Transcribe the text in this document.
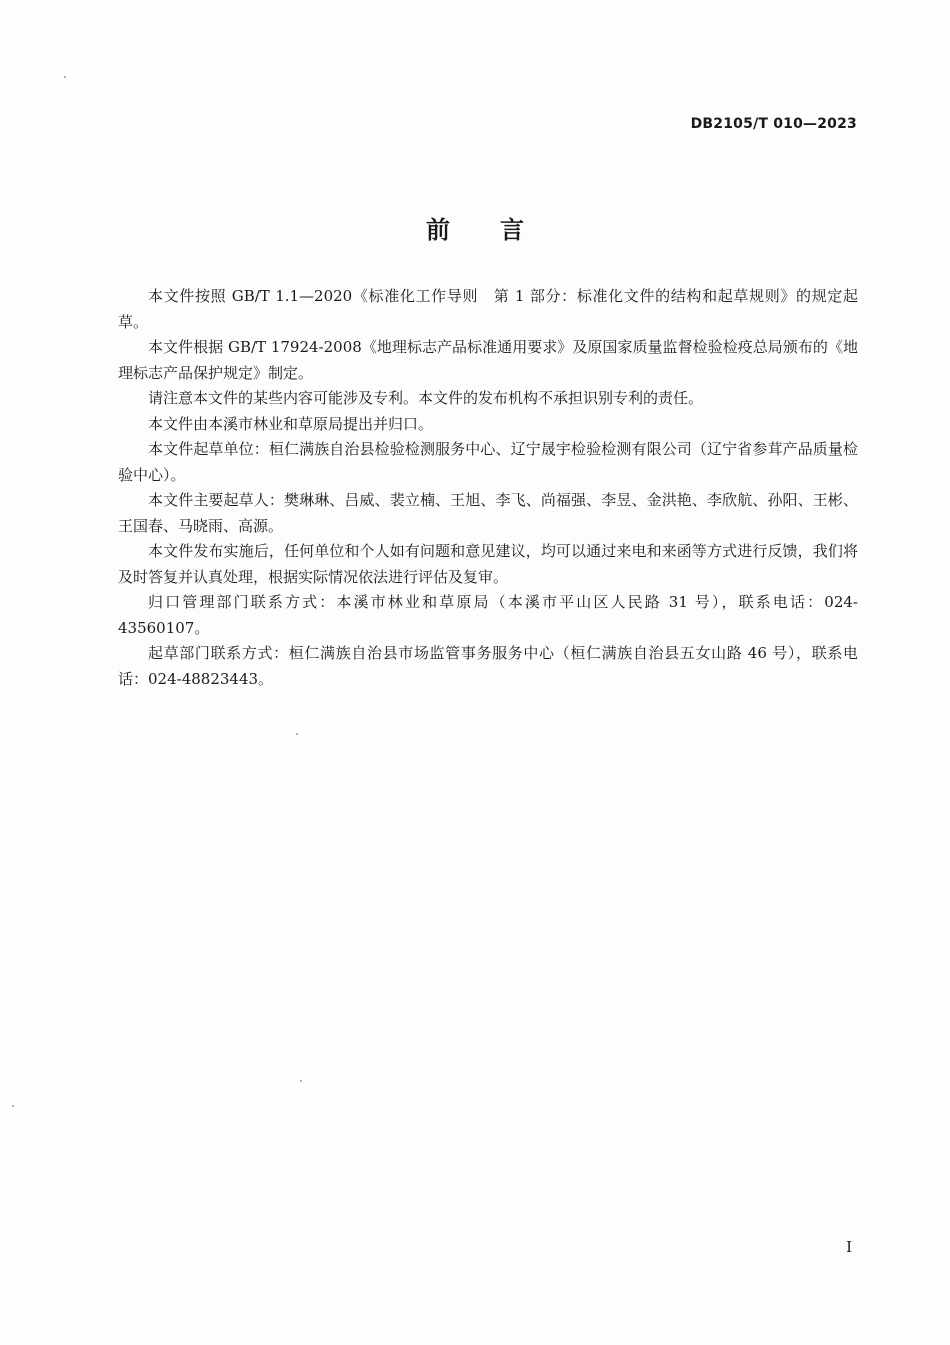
DB2105/T 010—2023
前言

本文件按照 GB/T 1.1—2020《标准化工作导则　第 1 部分：标准化文件的结构和起草规则》的规定起草。

本文件根据 GB/T 17924-2008《地理标志产品标准通用要求》及原国家质量监督检验检疫总局颁布的《地理标志产品保护规定》制定。

请注意本文件的某些内容可能涉及专利。本文件的发布机构不承担识别专利的责任。

本文件由本溪市林业和草原局提出并归口。

本文件起草单位：桓仁满族自治县检验检测服务中心、辽宁晟宇检验检测有限公司（辽宁省参茸产品质量检验中心）。

本文件主要起草人：樊琳琳、吕威、裴立楠、王旭、李飞、尚福强、李昱、金洪艳、李欣航、孙阳、王彬、王国春、马晓雨、高源。

本文件发布实施后，任何单位和个人如有问题和意见建议，均可以通过来电和来函等方式进行反馈，我们将及时答复并认真处理，根据实际情况依法进行评估及复审。

归口管理部门联系方式：本溪市林业和草原局（本溪市平山区人民路 31 号），联系电话：024-43560107。

起草部门联系方式：桓仁满族自治县市场监管事务服务中心（桓仁满族自治县五女山路 46 号），联系电话：024-48823443。

I
